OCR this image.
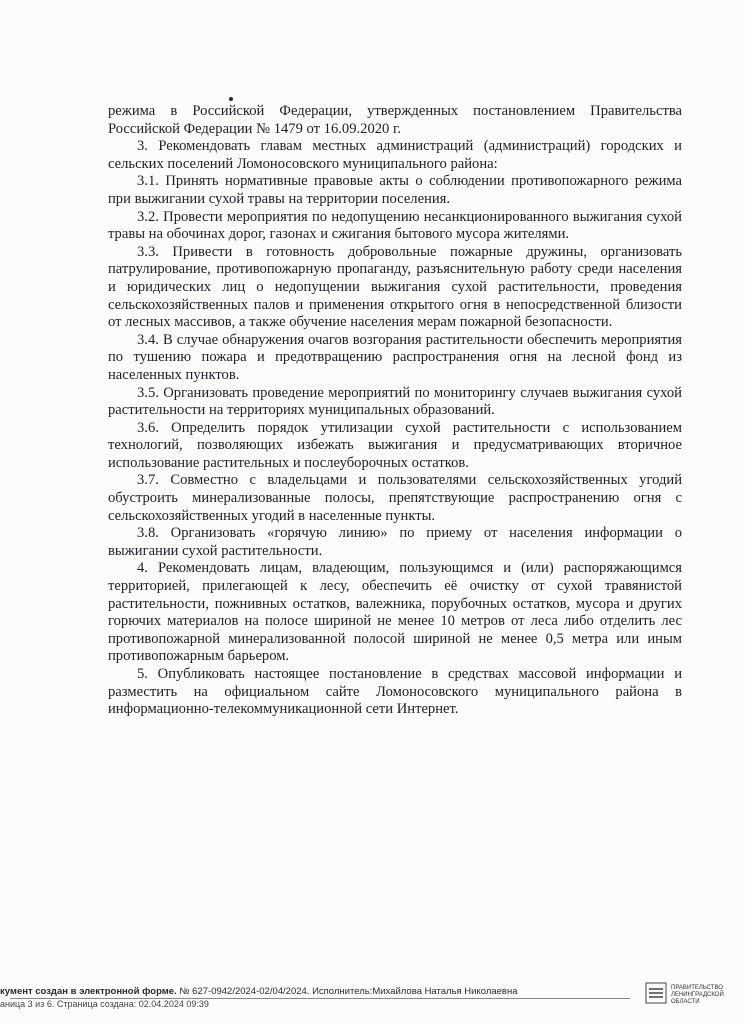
режима в Российской Федерации, утвержденных постановлением Правительства Российской Федерации № 1479 от 16.09.2020 г.

3. Рекомендовать главам местных администраций (администраций) городских и сельских поселений Ломоносовского муниципального района:

3.1. Принять нормативные правовые акты о соблюдении противопожарного режима при выжигании сухой травы на территории поселения.

3.2. Провести мероприятия по недопущению несанкционированного выжигания сухой травы на обочинах дорог, газонах и сжигания бытового мусора жителями.

3.3. Привести в готовность добровольные пожарные дружины, организовать патрулирование, противопожарную пропаганду, разъяснительную работу среди населения и юридических лиц о недопущении выжигания сухой растительности, проведения сельскохозяйственных палов и применения открытого огня в непосредственной близости от лесных массивов, а также обучение населения мерам пожарной безопасности.

3.4. В случае обнаружения очагов возгорания растительности обеспечить мероприятия по тушению пожара и предотвращению распространения огня на лесной фонд из населенных пунктов.

3.5. Организовать проведение мероприятий по мониторингу случаев выжигания сухой растительности на территориях муниципальных образований.

3.6. Определить порядок утилизации сухой растительности с использованием технологий, позволяющих избежать выжигания и предусматривающих вторичное использование растительных и послеуборочных остатков.

3.7. Совместно с владельцами и пользователями сельскохозяйственных угодий обустроить минерализованные полосы, препятствующие распространению огня с сельскохозяйственных угодий в населенные пункты.

3.8. Организовать «горячую линию» по приему от населения информации о выжигании сухой растительности.

4. Рекомендовать лицам, владеющим, пользующимся и (или) распоряжающимся территорией, прилегающей к лесу, обеспечить её очистку от сухой травянистой растительности, пожнивных остатков, валежника, порубочных остатков, мусора и других горючих материалов на полосе шириной не менее 10 метров от леса либо отделить лес противопожарной минерализованной полосой шириной не менее 0,5 метра или иным противопожарным барьером.

5. Опубликовать настоящее постановление в средствах массовой информации и разместить на официальном сайте Ломоносовского муниципального района в информационно-телекоммуникационной сети Интернет.

кумент создан в электронной форме. № 627-0942/2024-02/04/2024. Исполнитель:Михайлова Наталья Николаевна
аница 3 из 6. Страница создана: 02.04.2024 09:39
ПРАВИТЕЛЬСТВО ЛЕНИНГРАДСКОЙ ОБЛАСТИ
